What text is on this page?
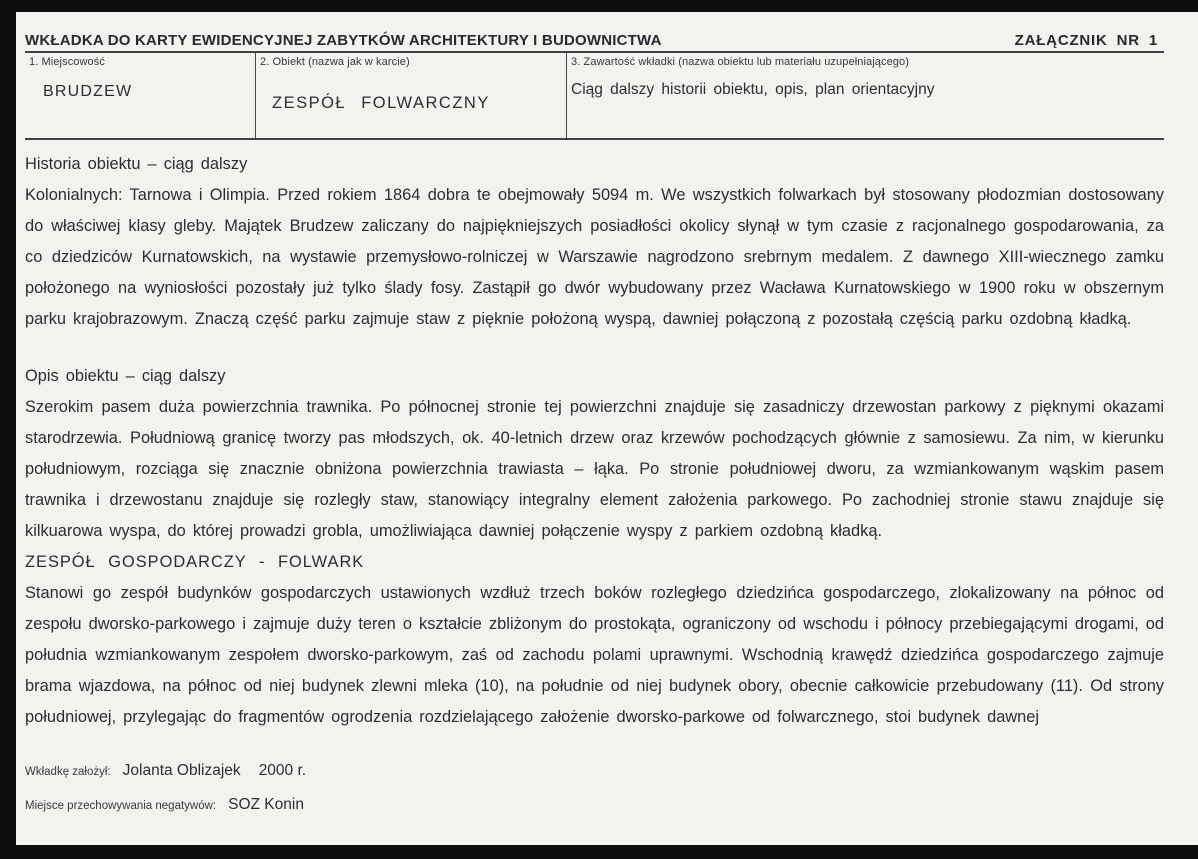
WKŁADKA DO KARTY EWIDENCYJNEJ ZABYTKÓW ARCHITEKTURY I BUDOWNICTWA	ZAŁĄCZNIK NR 1
1. Miejscowość
BRUDZEW
2. Obiekt (nazwa jak w karcie)
ZESPÓŁ FOLWARCZNY
3. Zawartość wkładki (nazwa obiektu lub materiału uzupełniającego)
Ciąg dalszy historii obiektu, opis, plan orientacyjny
Historia obiektu – ciąg dalszy

Kolonialnych: Tarnowa i Olimpia. Przed rokiem 1864 dobra te obejmowały 5094 m. We wszystkich folwarkach był stosowany płodozmian dostosowany do właściwej klasy gleby. Majątek Brudzew zaliczany do najpiękniejszych posiadłości okolicy słynął w tym czasie z racjonalnego gospodarowania, za co dziedziców Kurnatowskich, na wystawie przemysłowo-rolniczej w Warszawie nagrodzono srebrnym medalem. Z dawnego XIII-wiecznego zamku położonego na wyniosłości pozostały już tylko ślady fosy. Zastąpił go dwór wybudowany przez Wacława Kurnatowskiego w 1900 roku w obszernym parku krajobrazowym. Znaczą część parku zajmuje staw z pięknie położoną wyspą, dawniej połączoną z pozostałą częścią parku ozdobną kładką.

Opis obiektu – ciąg dalszy

Szerokim pasem duża powierzchnia trawnika. Po północnej stronie tej powierzchni znajduje się zasadniczy drzewostan parkowy z pięknymi okazami starodrzewia. Południową granicę tworzy pas młodszych, ok. 40-letnich drzew oraz krzewów pochodzących głównie z samosiewu. Za nim, w kierunku południowym, rozciąga się znacznie obniżona powierzchnia trawiasta – łąka. Po stronie południowej dworu, za wzmiankowanym wąskim pasem trawnika i drzewostanu znajduje się rozległy staw, stanowiący integralny element założenia parkowego. Po zachodniej stronie stawu znajduje się kilkuarowa wyspa, do której prowadzi grobla, umożliwiająca dawniej połączenie wyspy z parkiem ozdobną kładką.

ZESPÓŁ GOSPODARCZY - FOLWARK

Stanowi go zespół budynków gospodarczych ustawionych wzdłuż trzech boków rozległego dziedzińca gospodarczego, zlokalizowany na północ od zespołu dworsko-parkowego i zajmuje duży teren o kształcie zbliżonym do prostokąta, ograniczony od wschodu i północy przebiegającymi drogami, od południa wzmiankowanym zespołem dworsko-parkowym, zaś od zachodu polami uprawnymi. Wschodnią krawędź dziedzińca gospodarczego zajmuje brama wjazdowa, na północ od niej budynek zlewni mleka (10), na południe od niej budynek obory, obecnie całkowicie przebudowany (11). Od strony południowej, przylegając do fragmentów ogrodzenia rozdzielającego założenie dworsko-parkowe od folwarcznego, stoi budynek dawnej

Wkładkę założył: Jolanta Oblizajek 2000 r.
Miejsce przechowywania negatywów: SOZ Konin
